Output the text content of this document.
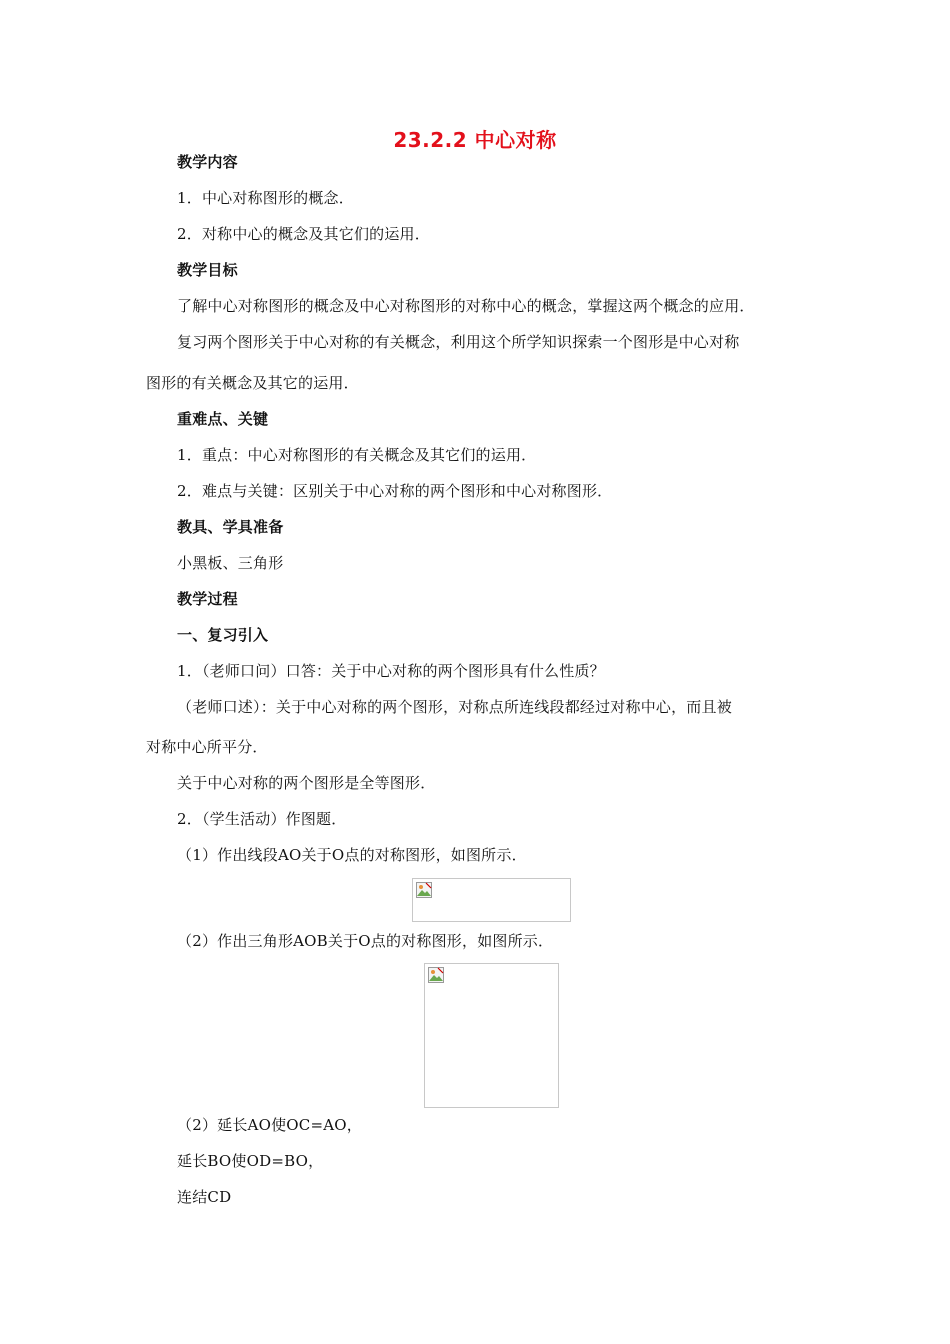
23.2.2 中心对称
教学内容
1．中心对称图形的概念．
2．对称中心的概念及其它们的运用．
教学目标
了解中心对称图形的概念及中心对称图形的对称中心的概念，掌握这两个概念的应用．
复习两个图形关于中心对称的有关概念，利用这个所学知识探索一个图形是中心对称
图形的有关概念及其它的运用．
重难点、关键
1．重点：中心对称图形的有关概念及其它们的运用．
2．难点与关键：区别关于中心对称的两个图形和中心对称图形．
教具、学具准备
小黑板、三角形
教学过程
一、复习引入
1．（老师口问）口答：关于中心对称的两个图形具有什么性质？
（老师口述）：关于中心对称的两个图形，对称点所连线段都经过对称中心，而且被
对称中心所平分．
关于中心对称的两个图形是全等图形．
2．（学生活动）作图题．
（1）作出线段AO关于O点的对称图形，如图所示．
（2）作出三角形AOB关于O点的对称图形，如图所示．
（2）延长AO使OC=AO，
延长BO使OD=BO，
连结CD
